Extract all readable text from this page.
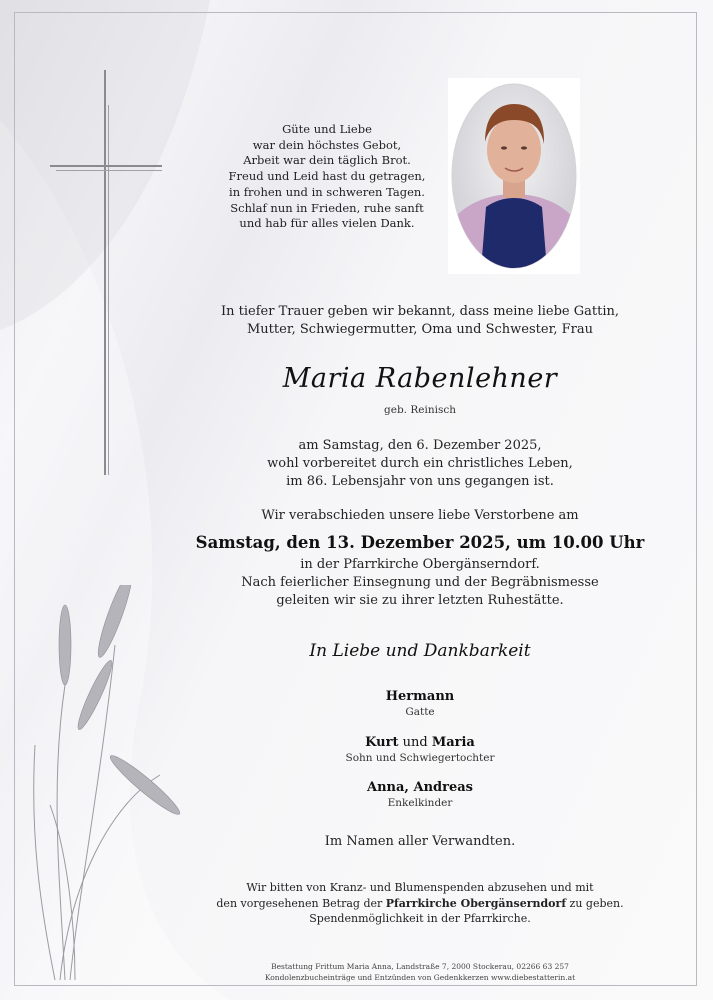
Güte und Liebe
war dein höchstes Gebot,
Arbeit war dein täglich Brot.
Freud und Leid hast du getragen,
in frohen und in schweren Tagen.
Schlaf nun in Frieden, ruhe sanft
und hab für alles vielen Dank.
In tiefer Trauer geben wir bekannt, dass meine liebe Gattin,
Mutter, Schwiegermutter, Oma und Schwester, Frau
Maria Rabenlehner
geb. Reinisch
am Samstag, den 6. Dezember 2025,
wohl vorbereitet durch ein christliches Leben,
im 86. Lebensjahr von uns gegangen ist.
Wir verabschieden unsere liebe Verstorbene am
Samstag, den 13. Dezember 2025, um 10.00 Uhr
in der Pfarrkirche Obergänserndorf.
Nach feierlicher Einsegnung und der Begräbnismesse
geleiten wir sie zu ihrer letzten Ruhestätte.
In Liebe und Dankbarkeit
Hermann
Gatte
Kurt und Maria
Sohn und Schwiegertochter
Anna, Andreas
Enkelkinder
Im Namen aller Verwandten.
Wir bitten von Kranz- und Blumenspenden abzusehen und mit
den vorgesehenen Betrag der Pfarrkirche Obergänserndorf zu geben.
Spendenmöglichkeit in der Pfarrkirche.
Bestattung Frittum Maria Anna, Landstraße 7, 2000 Stockerau, 02266 63 257
Kondolenzbucheinträge und Entzünden von Gedenkkerzen www.diebestatterin.at
